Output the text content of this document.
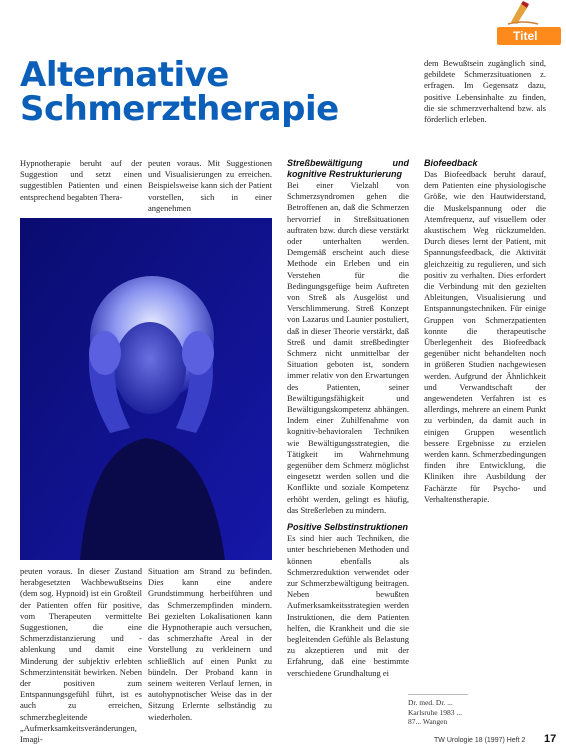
Titel
Alternative
Schmerztherapie

Hypnotherapie beruht auf der Suggestion und setzt einen suggestiblen Patienten und einen entsprechend begabten Thera-

peuten voraus. Mit Suggestionen und Visualisierungen zu erreichen. Beispielsweise kann sich der Patient vorstellen, sich in einer angenehmen

peuten voraus. In dieser Zustand herabgesetzten Wachbewußtseins (dem sog. Hypnoid) ist ein Großteil der Patienten offen für positive, vom Therapeuten vermittelte Suggestionen, die eine Schmerzdistanzierung und -ablenkung und damit eine Minderung der subjektiv erlebten Schmerzintensität bewirken. Neben der positiven zum Entspannungsgefühl führt, ist es auch zu erreichen, schmerzbegleitende „Aufmerksamkeitsveränderungen, Imagi-

Situation am Strand zu befinden. Dies kann eine andere Grundstimmung herbeiführen und das Schmerzempfinden mindern. Bei gezielten Lokalisationen kann die Hypnotherapie auch versuchen, das schmerzhafte Areal in der Vorstellung zu verkleinern und schließlich auf einen Punkt zu bündeln. Der Proband kann in seinem weiteren Verlauf lernen, in autohypnotischer Weise das in der Sitzung Erlernte selbständig zu wiederholen.

Streßbewältigung und kognitive Restrukturierung

Bei einer Vielzahl von Schmerzsyndromen gehen die Betroffenen an, daß die Schmerzen hervorrief in Streßsituationen auftraten bzw. durch diese verstärkt oder unterhalten werden. Demgemäß erscheint auch diese Methode ein Erleben und ein Verstehen für die Bedingungsgefüge beim Auftreten von Streß als Ausgelöst und Verschlimmerung. Streß Konzept von Lazarus und Launier postuliert, daß in dieser Theorie verstärkt, daß Streß und damit streßbedingter Schmerz nicht unmittelbar der Situation geboten ist, sondern immer relativ von den Erwartungen des Patienten, seiner Bewältigungsfähigkeit und Bewältigungskompetenz abhängen. Indem einer Zuhilfenahme von kognitiv-behavioralen Techniken wie Bewältigungsstrategien, die Tätigkeit im Wahrnehmung gegenüber dem Schmerz möglichst eingesetzt werden sollen und die Konflikte und soziale Kompetenz erhöht werden, gelingt es häufig, das Streßerleben zu mindern.

Positive Selbstinstruktionen

Es sind hier auch Techniken, die unter beschriebenen Methoden und können ebenfalls als Schmerzreduktion verwendet oder zur Schmerzbewältigung beitragen. Neben bewußten Aufmerksamkeitsstrategien werden Instruktionen, die dem Patienten helfen, die Krankheit und die sie begleitenden Gefühle als Belastung zu akzeptieren und mit der Erfahrung, daß eine bestimmte verschiedene Grundhaltung ei

dem Bewußtsein zugänglich sind, gebildete Schmerzsituationen z. erfragen. Im Gegensatz dazu, positive Lebensinhalte zu finden, die sie schmerzverhaltend bzw. als förderlich erleben.

Biofeedback

Das Biofeedback beruht darauf, dem Patienten eine physiologische Größe, wie den Hautwiderstand, die Muskelspannung oder die Atemfrequenz, auf visuellem oder akustischem Weg rückzumelden. Durch dieses lernt der Patient, mit Spannungsfeedback, die Aktivität gleichzeitig zu regulieren, und sich positiv zu verhalten. Dies erfordert die Verbindung mit den gezielten Ableitungen, Visualisierung und Entspannungstechniken. Für einige Gruppen von Schmerzpatienten konnte die therapeutische Überlegenheit des Biofeedback gegenüber nicht behandelten noch in größeren Studien nachgewiesen werden. Aufgrund der Ähnlichkeit und Verwandtschaft der angewendeten Verfahren ist es allerdings, mehrere an einem Punkt zu verbinden, da damit auch in einigen Gruppen wesentlich bessere Ergebnisse zu erzielen werden kann. Schmerzbedingungen finden ihre Entwicklung, die Kliniken ihre Ausbildung der Fachärzte für Psycho- und Verhaltenstherapie.

Dr. med. Dr. ...
Karlsruhe 1983 ...
87... Wangen
TW Urologie 18 (1997) Heft 2 17
